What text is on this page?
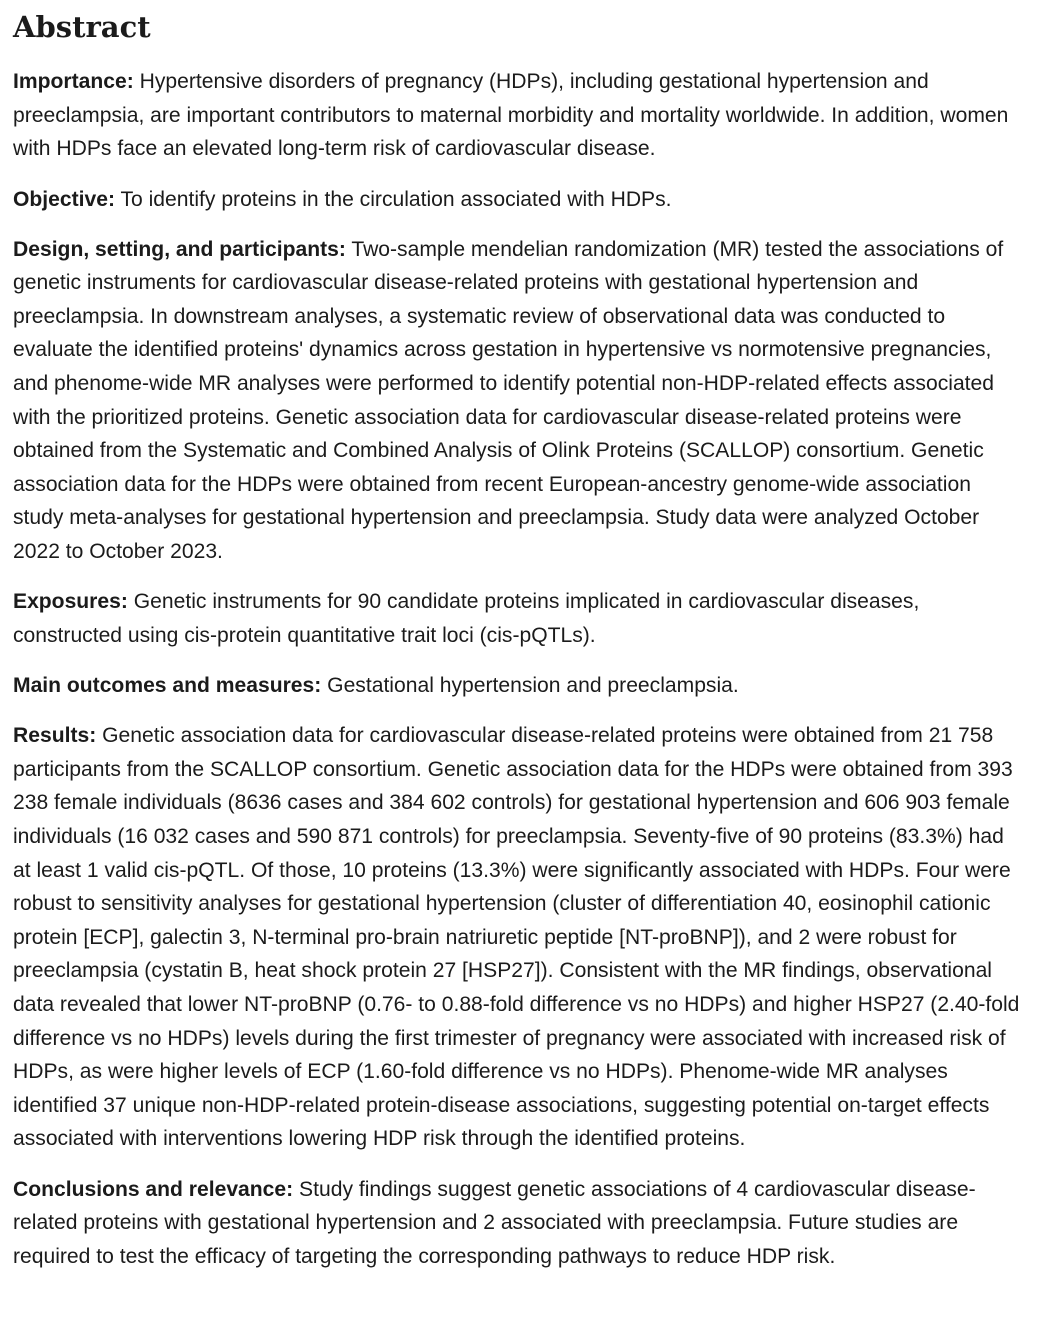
Abstract

Importance: Hypertensive disorders of pregnancy (HDPs), including gestational hypertension and preeclampsia, are important contributors to maternal morbidity and mortality worldwide. In addition, women with HDPs face an elevated long-term risk of cardiovascular disease.

Objective: To identify proteins in the circulation associated with HDPs.

Design, setting, and participants: Two-sample mendelian randomization (MR) tested the associations of genetic instruments for cardiovascular disease-related proteins with gestational hypertension and preeclampsia. In downstream analyses, a systematic review of observational data was conducted to evaluate the identified proteins' dynamics across gestation in hypertensive vs normotensive pregnancies, and phenome-wide MR analyses were performed to identify potential non-HDP-related effects associated with the prioritized proteins. Genetic association data for cardiovascular disease-related proteins were obtained from the Systematic and Combined Analysis of Olink Proteins (SCALLOP) consortium. Genetic association data for the HDPs were obtained from recent European-ancestry genome-wide association study meta-analyses for gestational hypertension and preeclampsia. Study data were analyzed October 2022 to October 2023.

Exposures: Genetic instruments for 90 candidate proteins implicated in cardiovascular diseases, constructed using cis-protein quantitative trait loci (cis-pQTLs).

Main outcomes and measures: Gestational hypertension and preeclampsia.

Results: Genetic association data for cardiovascular disease-related proteins were obtained from 21 758 participants from the SCALLOP consortium. Genetic association data for the HDPs were obtained from 393 238 female individuals (8636 cases and 384 602 controls) for gestational hypertension and 606 903 female individuals (16 032 cases and 590 871 controls) for preeclampsia. Seventy-five of 90 proteins (83.3%) had at least 1 valid cis-pQTL. Of those, 10 proteins (13.3%) were significantly associated with HDPs. Four were robust to sensitivity analyses for gestational hypertension (cluster of differentiation 40, eosinophil cationic protein [ECP], galectin 3, N-terminal pro-brain natriuretic peptide [NT-proBNP]), and 2 were robust for preeclampsia (cystatin B, heat shock protein 27 [HSP27]). Consistent with the MR findings, observational data revealed that lower NT-proBNP (0.76- to 0.88-fold difference vs no HDPs) and higher HSP27 (2.40-fold difference vs no HDPs) levels during the first trimester of pregnancy were associated with increased risk of HDPs, as were higher levels of ECP (1.60-fold difference vs no HDPs). Phenome-wide MR analyses identified 37 unique non-HDP-related protein-disease associations, suggesting potential on-target effects associated with interventions lowering HDP risk through the identified proteins.

Conclusions and relevance: Study findings suggest genetic associations of 4 cardiovascular disease-related proteins with gestational hypertension and 2 associated with preeclampsia. Future studies are required to test the efficacy of targeting the corresponding pathways to reduce HDP risk.
